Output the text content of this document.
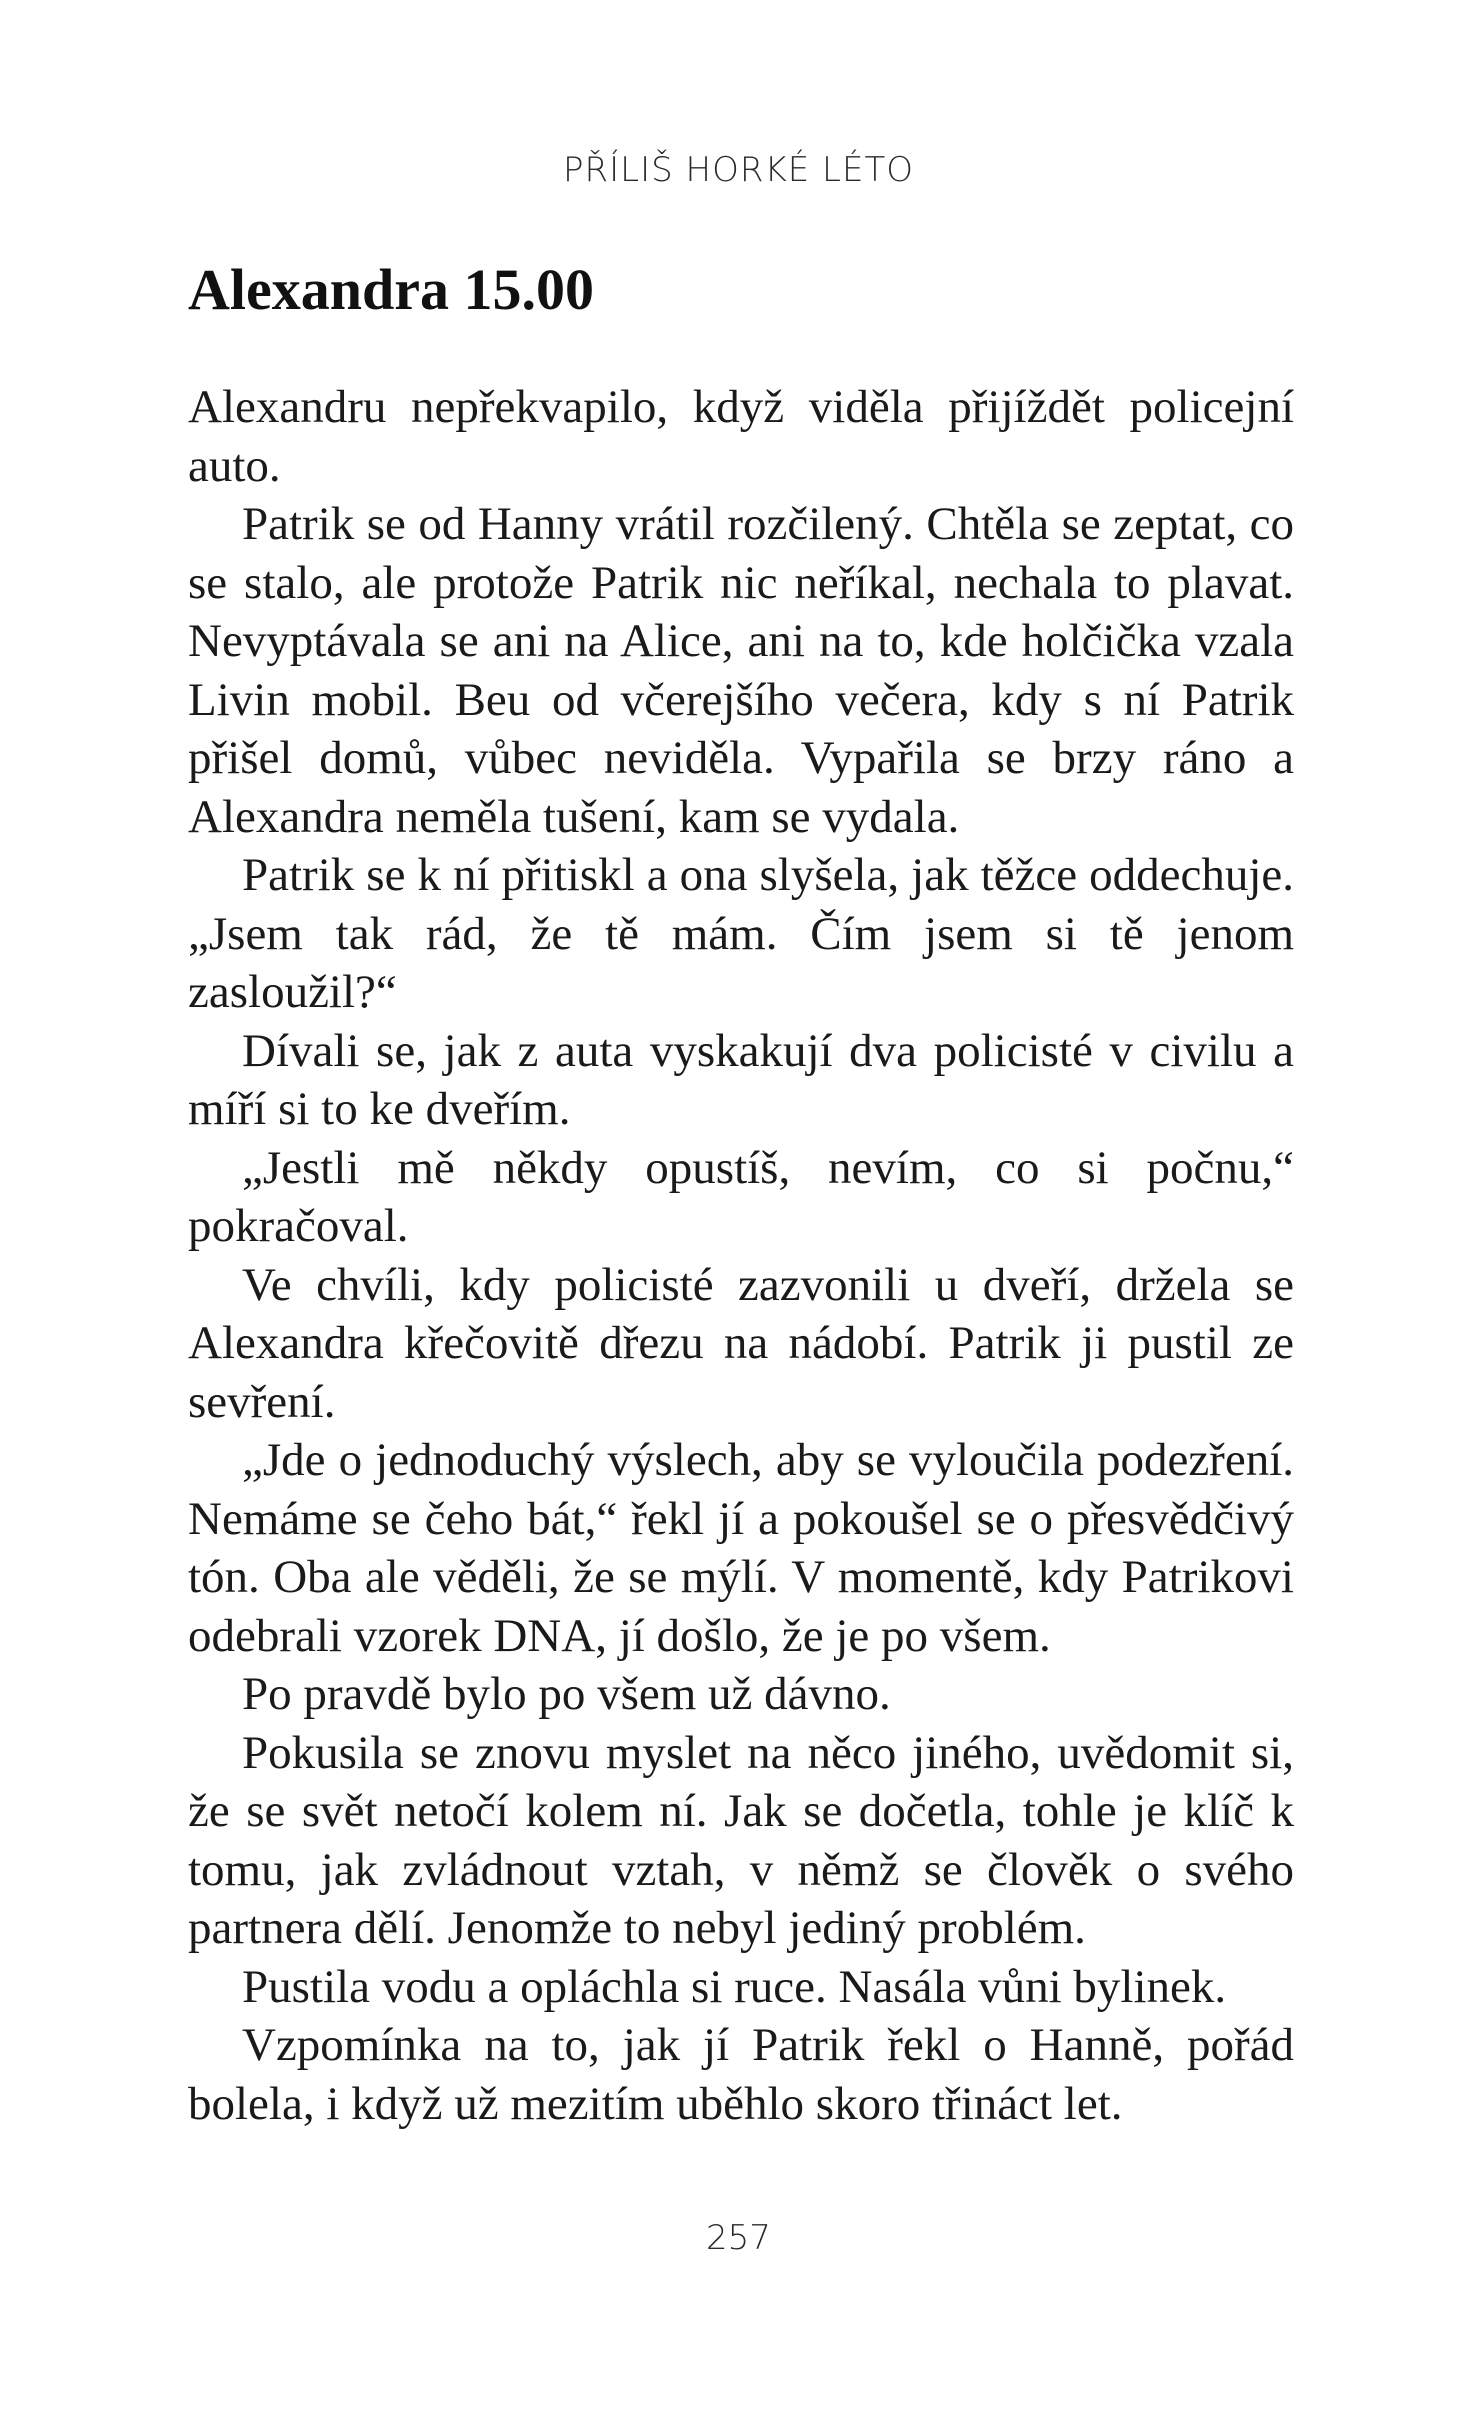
PŘÍLIŠ HORKÉ LÉTO

Alexandra 15.00

Alexandru nepřekvapilo, když viděla přijíždět policejní auto.

Patrik se od Hanny vrátil rozčilený. Chtěla se zeptat, co se stalo, ale protože Patrik nic neříkal, nechala to plavat. Nevyptávala se ani na Alice, ani na to, kde holčička vzala Livin mobil. Beu od včerejšího večera, kdy s ní Patrik přišel domů, vůbec neviděla. Vypařila se brzy ráno a Alexandra neměla tušení, kam se vydala.

Patrik se k ní přitiskl a ona slyšela, jak těžce oddechuje. „Jsem tak rád, že tě mám. Čím jsem si tě jenom zasloužil?“

Dívali se, jak z auta vyskakují dva policisté v civilu a míří si to ke dveřím.

„Jestli mě někdy opustíš, nevím, co si počnu,“ pokračoval.

Ve chvíli, kdy policisté zazvonili u dveří, držela se Alexandra křečovitě dřezu na nádobí. Patrik ji pustil ze sevření.

„Jde o jednoduchý výslech, aby se vyloučila podezření. Nemáme se čeho bát,“ řekl jí a pokoušel se o přesvědčivý tón. Oba ale věděli, že se mýlí. V momentě, kdy Patrikovi odebrali vzorek DNA, jí došlo, že je po všem.

Po pravdě bylo po všem už dávno.

Pokusila se znovu myslet na něco jiného, uvědomit si, že se svět netočí kolem ní. Jak se dočetla, tohle je klíč k tomu, jak zvládnout vztah, v němž se člověk o svého partnera dělí. Jenomže to nebyl jediný problém.

Pustila vodu a opláchla si ruce. Nasála vůni bylinek.

Vzpomínka na to, jak jí Patrik řekl o Hanně, pořád bolela, i když už mezitím uběhlo skoro třináct let.

257
